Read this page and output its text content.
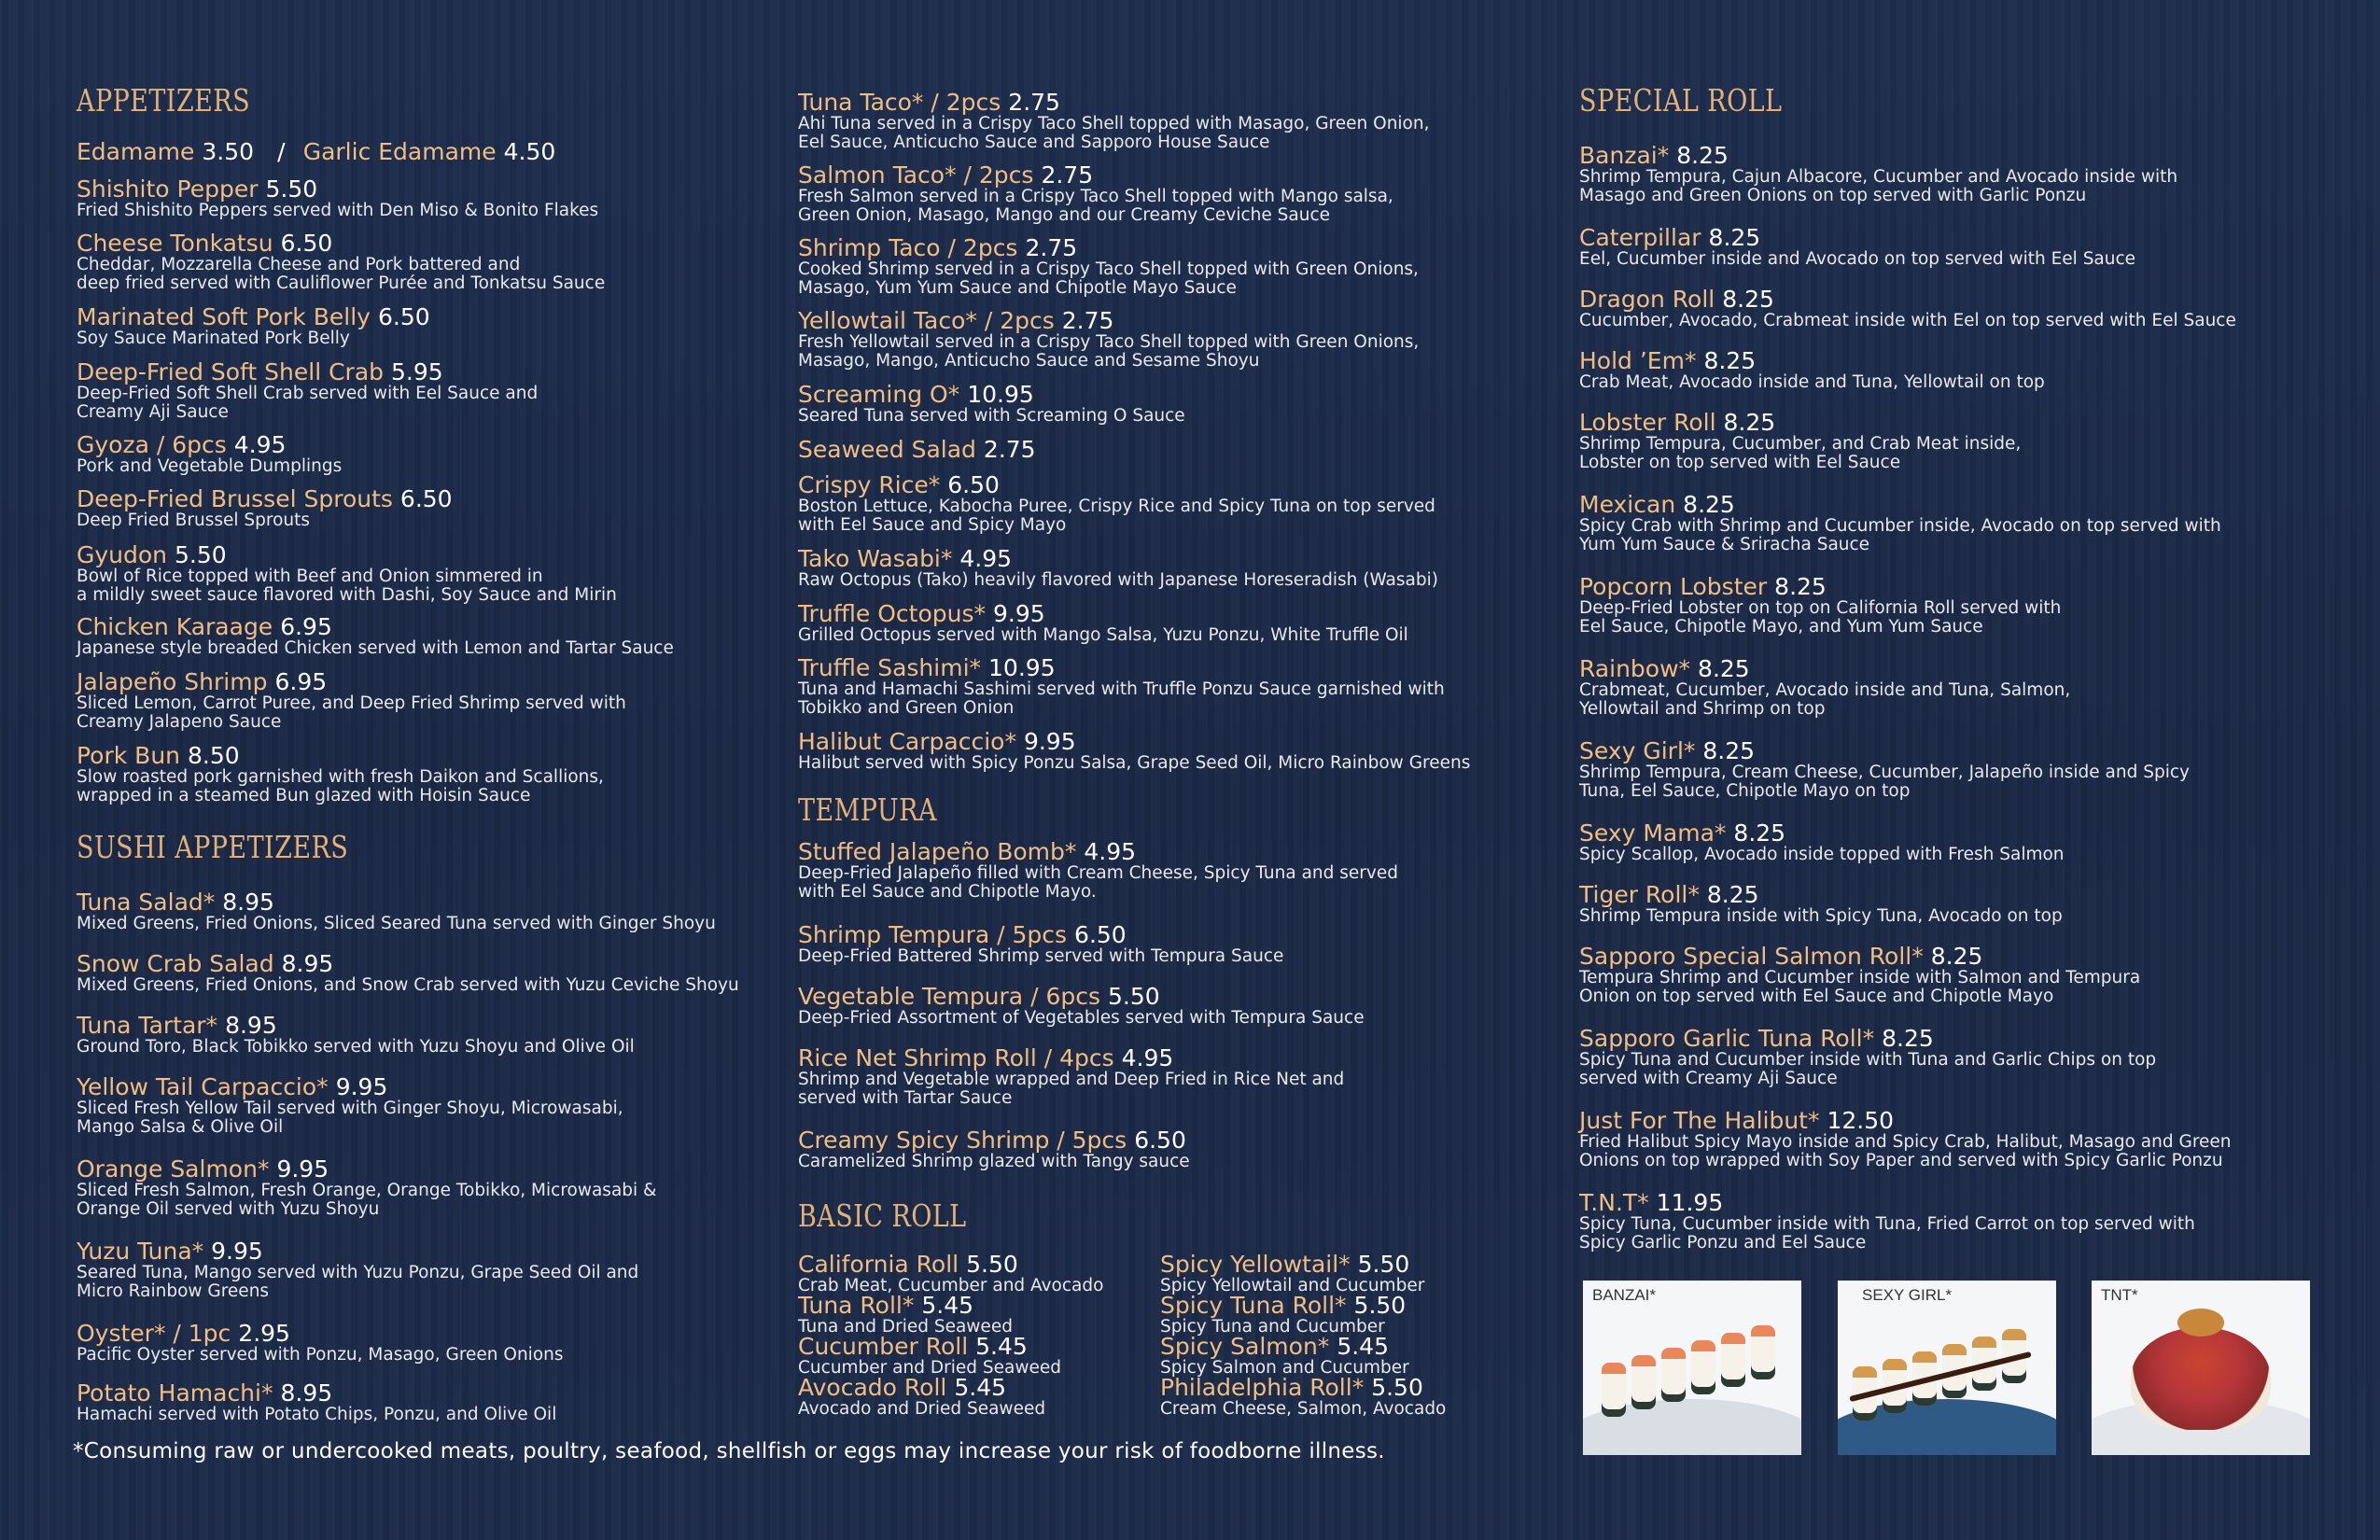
APPETIZERS
Edamame 3.50 / Garlic Edamame 4.50
Shishito Pepper 5.50
Fried Shishito Peppers served with Den Miso & Bonito Flakes
Cheese Tonkatsu 6.50
Cheddar, Mozzarella Cheese and Pork battered and
deep fried served with Cauliflower Purée and Tonkatsu Sauce
Marinated Soft Pork Belly 6.50
Soy Sauce Marinated Pork Belly
Deep-Fried Soft Shell Crab 5.95
Deep-Fried Soft Shell Crab served with Eel Sauce and
Creamy Aji Sauce
Gyoza / 6pcs 4.95
Pork and Vegetable Dumplings
Deep-Fried Brussel Sprouts 6.50
Deep Fried Brussel Sprouts
Gyudon 5.50
Bowl of Rice topped with Beef and Onion simmered in
a mildly sweet sauce flavored with Dashi, Soy Sauce and Mirin
Chicken Karaage 6.95
Japanese style breaded Chicken served with Lemon and Tartar Sauce
Jalapeño Shrimp 6.95
Sliced Lemon, Carrot Puree, and Deep Fried Shrimp served with
Creamy Jalapeno Sauce
Pork Bun 8.50
Slow roasted pork garnished with fresh Daikon and Scallions,
wrapped in a steamed Bun glazed with Hoisin Sauce
SUSHI APPETIZERS
Tuna Salad* 8.95
Mixed Greens, Fried Onions, Sliced Seared Tuna served with Ginger Shoyu
Snow Crab Salad 8.95
Mixed Greens, Fried Onions, and Snow Crab served with Yuzu Ceviche Shoyu
Tuna Tartar* 8.95
Ground Toro, Black Tobikko served with Yuzu Shoyu and Olive Oil
Yellow Tail Carpaccio* 9.95
Sliced Fresh Yellow Tail served with Ginger Shoyu, Microwasabi,
Mango Salsa & Olive Oil
Orange Salmon* 9.95
Sliced Fresh Salmon, Fresh Orange, Orange Tobikko, Microwasabi &
Orange Oil served with Yuzu Shoyu
Yuzu Tuna* 9.95
Seared Tuna, Mango served with Yuzu Ponzu, Grape Seed Oil and
Micro Rainbow Greens
Oyster* / 1pc 2.95
Pacific Oyster served with Ponzu, Masago, Green Onions
Potato Hamachi* 8.95
Hamachi served with Potato Chips, Ponzu, and Olive Oil
Tuna Taco* / 2pcs 2.75
Ahi Tuna served in a Crispy Taco Shell topped with Masago, Green Onion,
Eel Sauce, Anticucho Sauce and Sapporo House Sauce
Salmon Taco* / 2pcs 2.75
Fresh Salmon served in a Crispy Taco Shell topped with Mango salsa,
Green Onion, Masago, Mango and our Creamy Ceviche Sauce
Shrimp Taco / 2pcs 2.75
Cooked Shrimp served in a Crispy Taco Shell topped with Green Onions,
Masago, Yum Yum Sauce and Chipotle Mayo Sauce
Yellowtail Taco* / 2pcs 2.75
Fresh Yellowtail served in a Crispy Taco Shell topped with Green Onions,
Masago, Mango, Anticucho Sauce and Sesame Shoyu
Screaming O* 10.95
Seared Tuna served with Screaming O Sauce
Seaweed Salad 2.75
Crispy Rice* 6.50
Boston Lettuce, Kabocha Puree, Crispy Rice and Spicy Tuna on top served
with Eel Sauce and Spicy Mayo
Tako Wasabi* 4.95
Raw Octopus (Tako) heavily flavored with Japanese Horeseradish (Wasabi)
Truffle Octopus* 9.95
Grilled Octopus served with Mango Salsa, Yuzu Ponzu, White Truffle Oil
Truffle Sashimi* 10.95
Tuna and Hamachi Sashimi served with Truffle Ponzu Sauce garnished with
Tobikko and Green Onion
Halibut Carpaccio* 9.95
Halibut served with Spicy Ponzu Salsa, Grape Seed Oil, Micro Rainbow Greens
TEMPURA
Stuffed Jalapeño Bomb* 4.95
Deep-Fried Jalapeño filled with Cream Cheese, Spicy Tuna and served
with Eel Sauce and Chipotle Mayo.
Shrimp Tempura / 5pcs 6.50
Deep-Fried Battered Shrimp served with Tempura Sauce
Vegetable Tempura / 6pcs 5.50
Deep-Fried Assortment of Vegetables served with Tempura Sauce
Rice Net Shrimp Roll / 4pcs 4.95
Shrimp and Vegetable wrapped and Deep Fried in Rice Net and
served with Tartar Sauce
Creamy Spicy Shrimp / 5pcs 6.50
Caramelized Shrimp glazed with Tangy sauce
BASIC ROLL
California Roll 5.50
Crab Meat, Cucumber and Avocado
Tuna Roll* 5.45
Tuna and Dried Seaweed
Cucumber Roll 5.45
Cucumber and Dried Seaweed
Avocado Roll 5.45
Avocado and Dried Seaweed
Spicy Yellowtail* 5.50
Spicy Yellowtail and Cucumber
Spicy Tuna Roll* 5.50
Spicy Tuna and Cucumber
Spicy Salmon* 5.45
Spicy Salmon and Cucumber
Philadelphia Roll* 5.50
Cream Cheese, Salmon, Avocado
SPECIAL ROLL
Banzai* 8.25
Shrimp Tempura, Cajun Albacore, Cucumber and Avocado inside with
Masago and Green Onions on top served with Garlic Ponzu
Caterpillar 8.25
Eel, Cucumber inside and Avocado on top served with Eel Sauce
Dragon Roll 8.25
Cucumber, Avocado, Crabmeat inside with Eel on top served with Eel Sauce
Hold ’Em* 8.25
Crab Meat, Avocado inside and Tuna, Yellowtail on top
Lobster Roll 8.25
Shrimp Tempura, Cucumber, and Crab Meat inside,
Lobster on top served with Eel Sauce
Mexican 8.25
Spicy Crab with Shrimp and Cucumber inside, Avocado on top served with
Yum Yum Sauce & Sriracha Sauce
Popcorn Lobster 8.25
Deep-Fried Lobster on top on California Roll served with
Eel Sauce, Chipotle Mayo, and Yum Yum Sauce
Rainbow* 8.25
Crabmeat, Cucumber, Avocado inside and Tuna, Salmon,
Yellowtail and Shrimp on top
Sexy Girl* 8.25
Shrimp Tempura, Cream Cheese, Cucumber, Jalapeño inside and Spicy
Tuna, Eel Sauce, Chipotle Mayo on top
Sexy Mama* 8.25
Spicy Scallop, Avocado inside topped with Fresh Salmon
Tiger Roll* 8.25
Shrimp Tempura inside with Spicy Tuna, Avocado on top
Sapporo Special Salmon Roll* 8.25
Tempura Shrimp and Cucumber inside with Salmon and Tempura
Onion on top served with Eel Sauce and Chipotle Mayo
Sapporo Garlic Tuna Roll* 8.25
Spicy Tuna and Cucumber inside with Tuna and Garlic Chips on top
served with Creamy Aji Sauce
Just For The Halibut* 12.50
Fried Halibut Spicy Mayo inside and Spicy Crab, Halibut, Masago and Green
Onions on top wrapped with Soy Paper and served with Spicy Garlic Ponzu
T.N.T* 11.95
Spicy Tuna, Cucumber inside with Tuna, Fried Carrot on top served with
Spicy Garlic Ponzu and Eel Sauce
BANZAI*	SEXY GIRL*	TNT*
*Consuming raw or undercooked meats, poultry, seafood, shellfish or eggs may increase your risk of foodborne illness.
